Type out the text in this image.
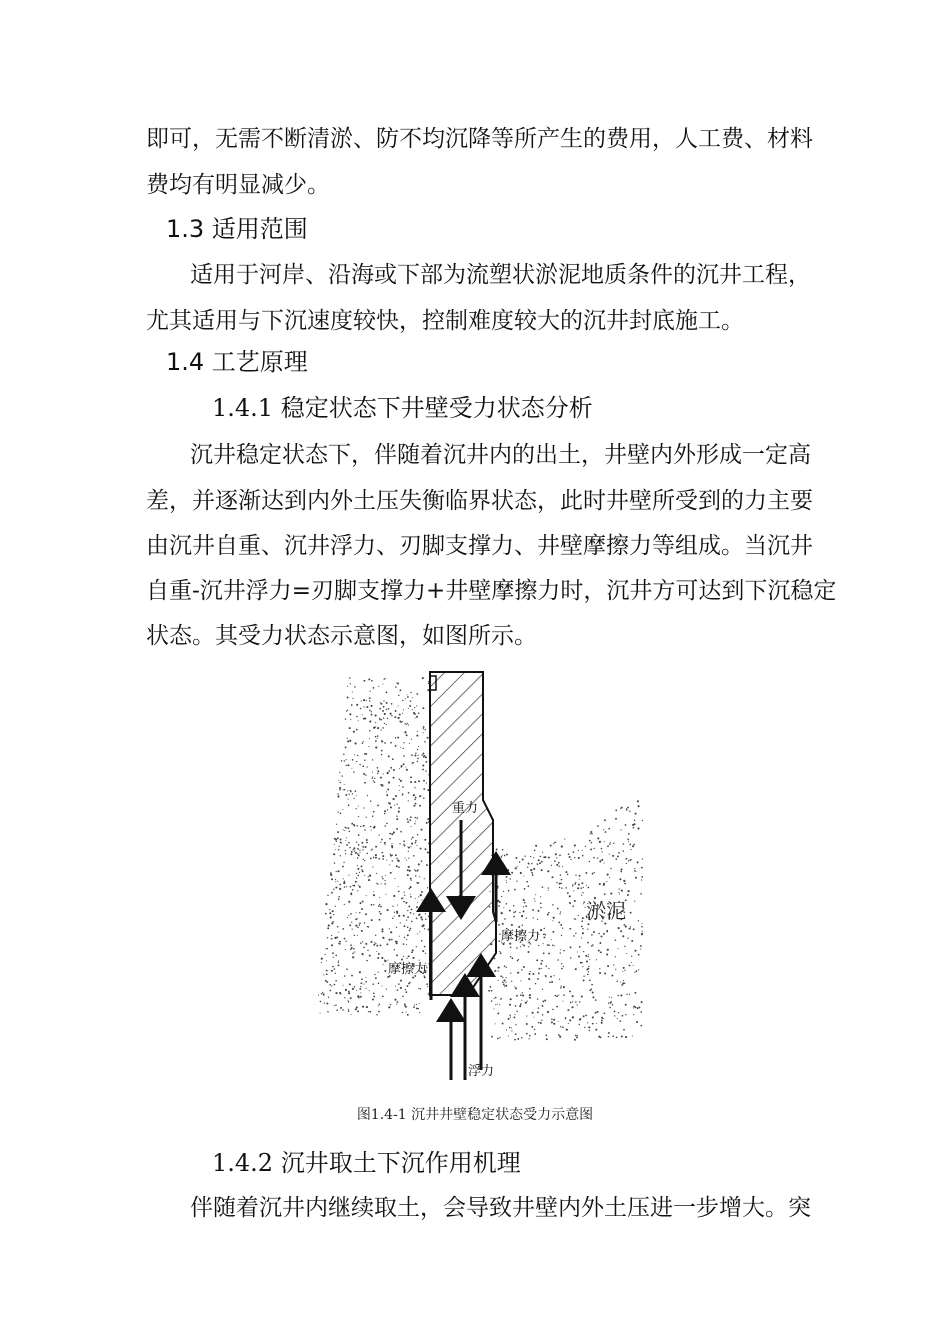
即可，无需不断清淤、防不均沉降等所产生的费用，人工费、材料
费均有明显减少。
1.3 适用范围
适用于河岸、沿海或下部为流塑状淤泥地质条件的沉井工程，
尤其适用与下沉速度较快，控制难度较大的沉井封底施工。
1.4 工艺原理
1.4.1 稳定状态下井壁受力状态分析
沉井稳定状态下，伴随着沉井内的出土，井壁内外形成一定高
差，并逐渐达到内外土压失衡临界状态，此时井壁所受到的力主要
由沉井自重、沉井浮力、刃脚支撑力、井壁摩擦力等组成。当沉井
自重-沉井浮力=刃脚支撑力+井壁摩擦力时，沉井方可达到下沉稳定
状态。其受力状态示意图，如图所示。
重力
摩擦力
摩擦力
浮力
淤泥
图1.4-1 沉井井壁稳定状态受力示意图
1.4.2 沉井取土下沉作用机理
伴随着沉井内继续取土，会导致井壁内外土压进一步增大。突
